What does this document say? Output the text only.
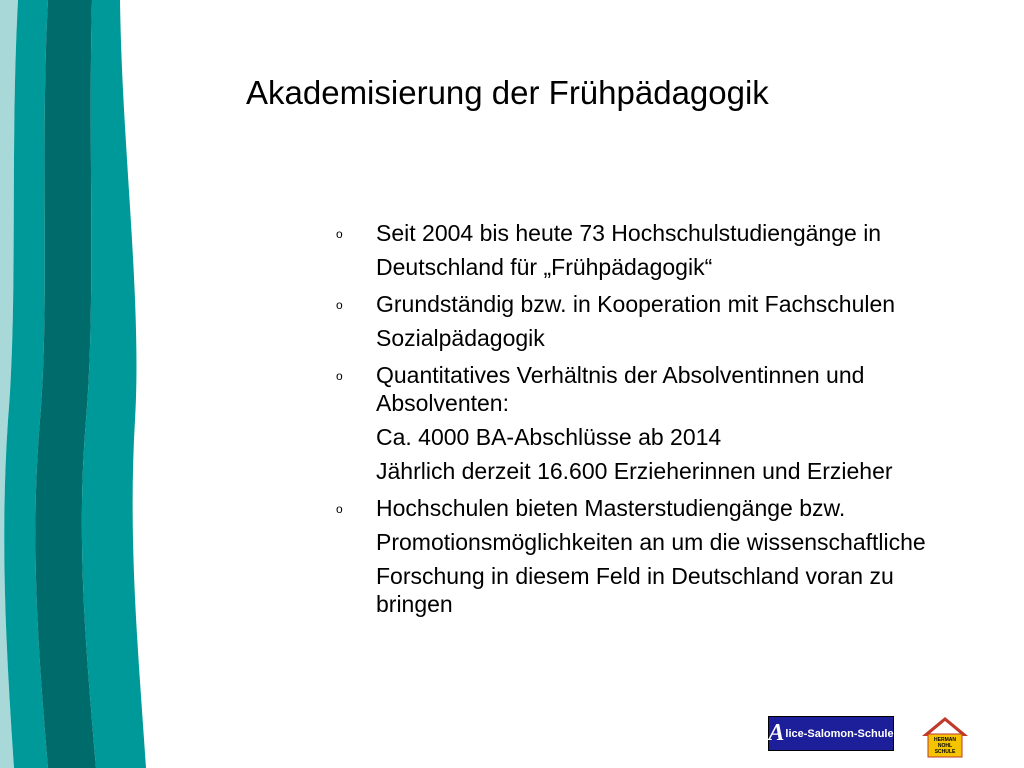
Akademisierung der Frühpädagogik
o Seit 2004 bis heute 73 Hochschulstudiengänge in
Deutschland für „Frühpädagogik“
o Grundständig bzw. in Kooperation mit Fachschulen
Sozialpädagogik
o Quantitatives Verhältnis der Absolventinnen und Absolventen:
Ca. 4000 BA-Abschlüsse ab 2014
Jährlich derzeit 16.600 Erzieherinnen und Erzieher
o Hochschulen bieten Masterstudiengänge bzw.
Promotionsmöglichkeiten an um die wissenschaftliche
Forschung in diesem Feld in Deutschland voran zu bringen
A lice-Salomon-Schule
HERMAN
NOHL
SCHULE
